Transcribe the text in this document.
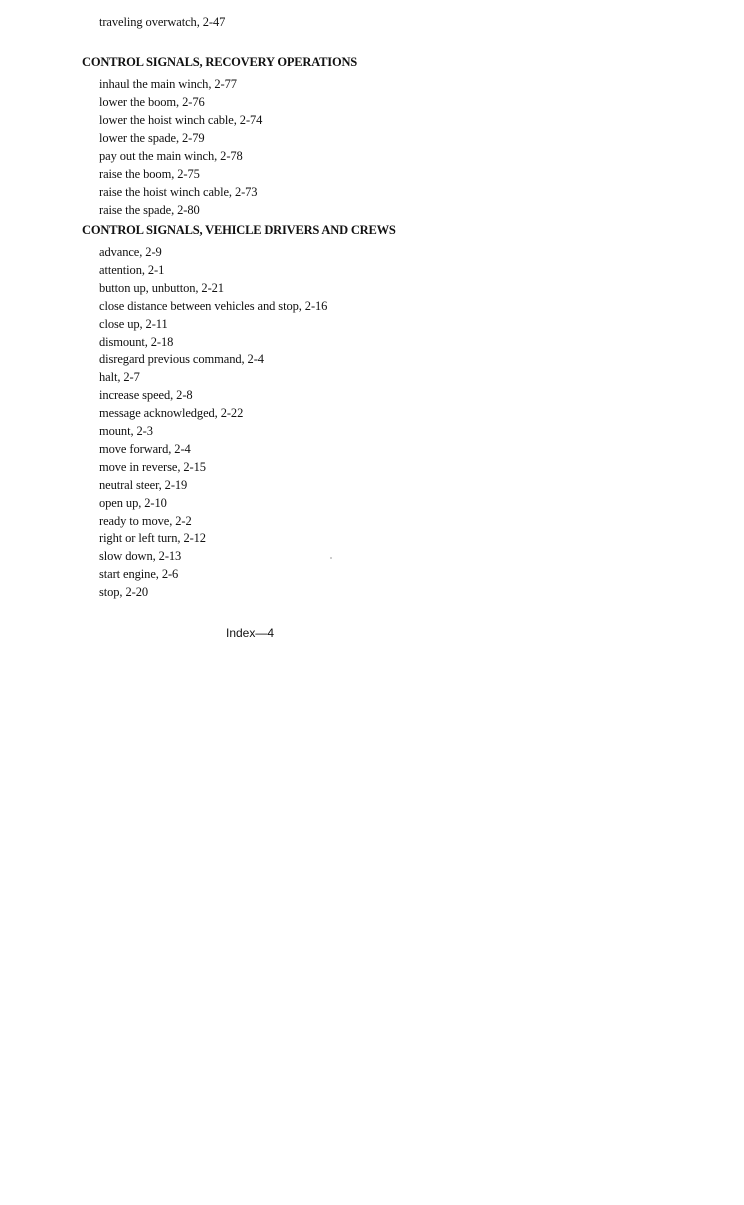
traveling overwatch, 2-47
CONTROL SIGNALS, RECOVERY OPERATIONS
inhaul the main winch, 2-77
lower the boom, 2-76
lower the hoist winch cable, 2-74
lower the spade, 2-79
pay out the main winch, 2-78
raise the boom, 2-75
raise the hoist winch cable, 2-73
raise the spade, 2-80
CONTROL SIGNALS, VEHICLE DRIVERS AND CREWS
advance, 2-9
attention, 2-1
button up, unbutton, 2-21
close distance between vehicles and stop, 2-16
close up, 2-11
dismount, 2-18
disregard previous command, 2-4
halt, 2-7
increase speed, 2-8
message acknowledged, 2-22
mount, 2-3
move forward, 2-4
move in reverse, 2-15
neutral steer, 2-19
open up, 2-10
ready to move, 2-2
right or left turn, 2-12
slow down, 2-13
start engine, 2-6
stop, 2-20
Index—4
